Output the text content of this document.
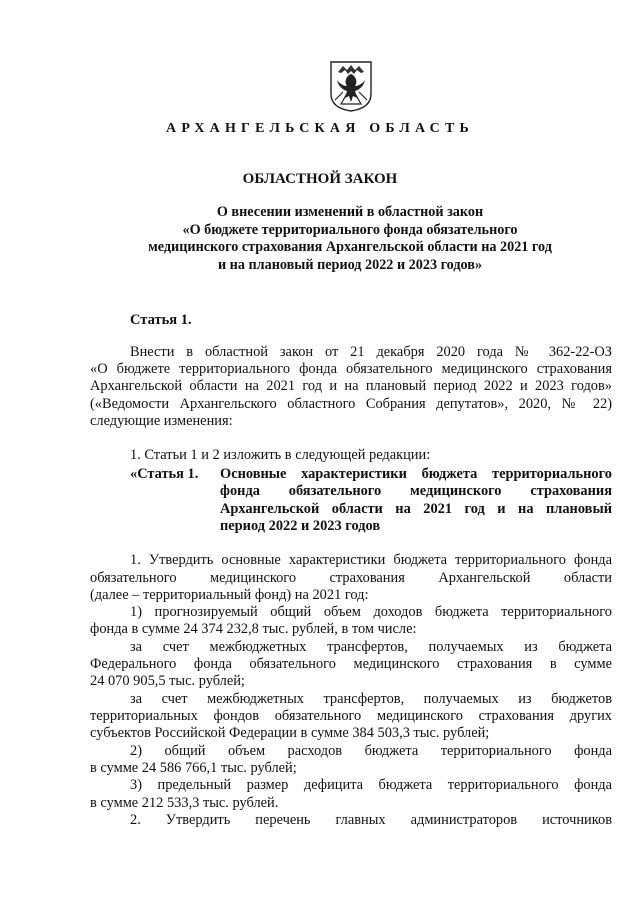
АРХАНГЕЛЬСКАЯ ОБЛАСТЬ
ОБЛАСТНОЙ ЗАКОН
О внесении изменений в областной закон
«О бюджете территориального фонда обязательного
медицинского страхования Архангельской области на 2021 год
и на плановый период 2022 и 2023 годов»
Статья 1.
Внести в областной закон от 21 декабря 2020 года № 362-22-ОЗ
«О бюджете территориального фонда обязательного медицинского страхования
Архангельской области на 2021 год и на плановый период 2022 и 2023 годов»
(«Ведомости Архангельского областного Собрания депутатов», 2020, № 22)
следующие изменения:
1. Статьи 1 и 2 изложить в следующей редакции:
«Статья 1. Основные характеристики бюджета территориального
фонда обязательного медицинского страхования
Архангельской области на 2021 год и на плановый
период 2022 и 2023 годов
1. Утвердить основные характеристики бюджета территориального фонда
обязательного медицинского страхования Архангельской области
(далее – территориальный фонд) на 2021 год:
1) прогнозируемый общий объем доходов бюджета территориального
фонда в сумме 24 374 232,8 тыс. рублей, в том числе:
за счет межбюджетных трансфертов, получаемых из бюджета
Федерального фонда обязательного медицинского страхования в сумме
24 070 905,5 тыс. рублей;
за счет межбюджетных трансфертов, получаемых из бюджетов
территориальных фондов обязательного медицинского страхования других
субъектов Российской Федерации в сумме 384 503,3 тыс. рублей;
2) общий объем расходов бюджета территориального фонда
в сумме 24 586 766,1 тыс. рублей;
3) предельный размер дефицита бюджета территориального фонда
в сумме 212 533,3 тыс. рублей.
2. Утвердить перечень главных администраторов источников
